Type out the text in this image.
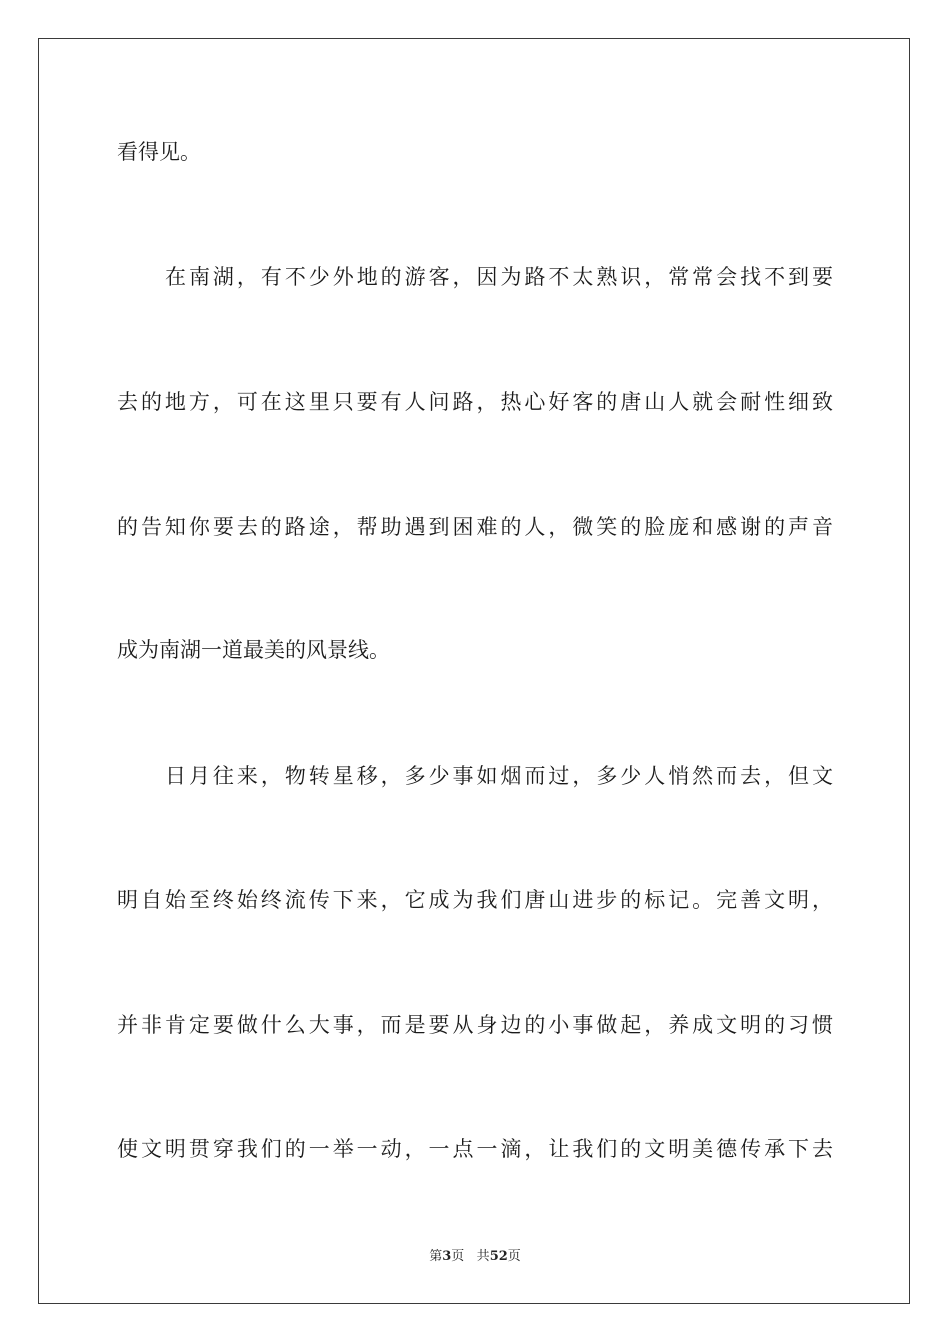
看得见。
在南湖，有不少外地的游客，因为路不太熟识，常常会找不到要
去的地方，可在这里只要有人问路，热心好客的唐山人就会耐性细致
的告知你要去的路途，帮助遇到困难的人，微笑的脸庞和感谢的声音
成为南湖一道最美的风景线。
日月往来，物转星移，多少事如烟而过，多少人悄然而去，但文
明自始至终始终流传下来，它成为我们唐山进步的标记。完善文明，
并非肯定要做什么大事，而是要从身边的小事做起，养成文明的习惯
使文明贯穿我们的一举一动，一点一滴，让我们的文明美德传承下去
第3页 共52页
